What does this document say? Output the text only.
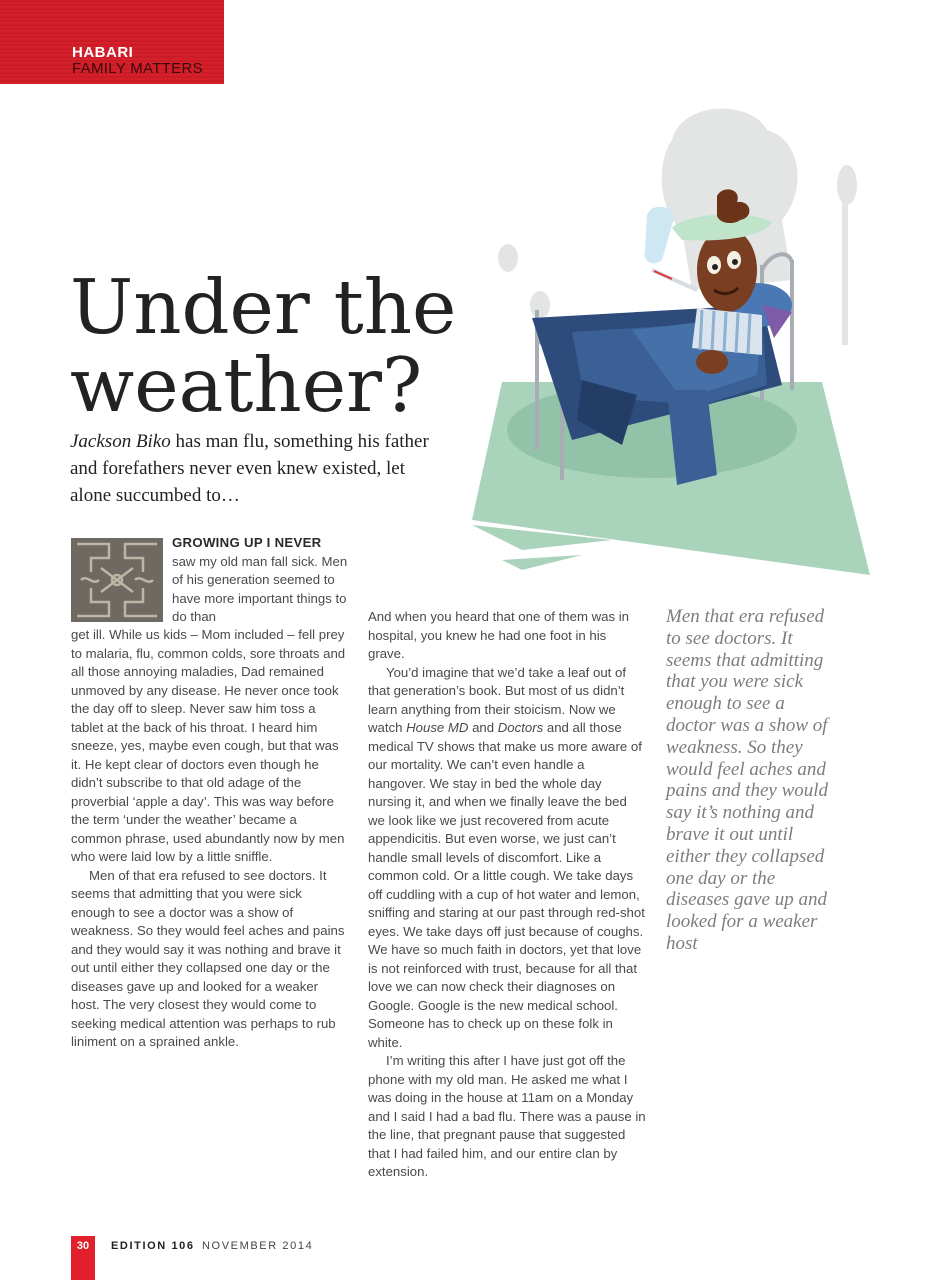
HABARI
FAMILY MATTERS
Under the
weather?
Jackson Biko has man flu, something his father and forefathers never even knew existed, let alone succumbed to…

GROWING UP I NEVER saw my old man fall sick. Men of his generation seemed to have more important things to do than

get ill. While us kids – Mom included – fell prey to malaria, flu, common colds, sore throats and all those annoying maladies, Dad remained unmoved by any disease. He never once took the day off to sleep. Never saw him toss a tablet at the back of his throat. I heard him sneeze, yes, maybe even cough, but that was it. He kept clear of doctors even though he didn’t subscribe to that old adage of the proverbial ‘apple a day’. This was way before the term ‘under the weather’ became a common phrase, used abundantly now by men who were laid low by a little sniffle.

Men of that era refused to see doctors. It seems that admitting that you were sick enough to see a doctor was a show of weakness. So they would feel aches and pains and they would say it was nothing and brave it out until either they collapsed one day or the diseases gave up and looked for a weaker host. The very closest they would come to seeking medical attention was perhaps to rub liniment on a sprained ankle.

And when you heard that one of them was in hospital, you knew he had one foot in his grave.

You’d imagine that we’d take a leaf out of that generation’s book. But most of us didn’t learn anything from their stoicism. Now we watch House MD and Doctors and all those medical TV shows that make us more aware of our mortality. We can’t even handle a hangover. We stay in bed the whole day nursing it, and when we finally leave the bed we look like we just recovered from acute appendicitis. But even worse, we just can’t handle small levels of discomfort. Like a common cold. Or a little cough. We take days off cuddling with a cup of hot water and lemon, sniffing and staring at our past through red-shot eyes. We take days off just because of coughs. We have so much faith in doctors, yet that love is not reinforced with trust, because for all that love we can now check their diagnoses on Google. Google is the new medical school. Someone has to check up on these folk in white.

I’m writing this after I have just got off the phone with my old man. He asked me what I was doing in the house at 11am on a Monday and I said I had a bad flu. There was a pause in the line, that pregnant pause that suggested that I had failed him, and our entire clan by extension.

Men that era refused to see doctors. It seems that admitting that you were sick enough to see a doctor was a show of weakness. So they would feel aches and pains and they would say it’s nothing and brave it out until either they collapsed one day or the diseases gave up and looked for a weaker host
30	EDITION 106 NOVEMBER 2014
